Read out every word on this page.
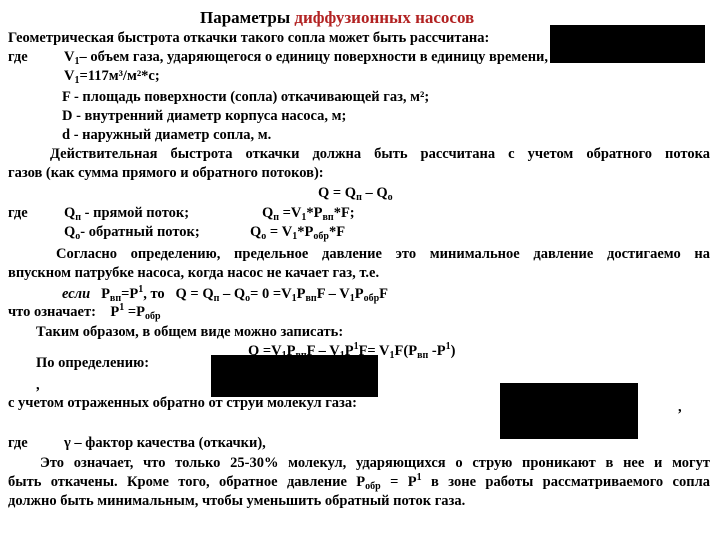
Параметры диффузионных насосов
Геометрическая быстрота откачки такого сопла может быть рассчитана:
где	$V_1-$ объем газа, ударяющегося о единицу поверхности в единицу времени,
$V_1=117м^3/м^2*c$;
F - площадь поверхности (сопла) откачивающей газ, м²;
D - внутренний диаметр корпуса насоса, м;
d - наружный диаметр сопла, м.
Действительная быстрота откачки должна быть рассчитана с учетом обратного потока
газов (как сумма прямого и обратного потоков):
$Q = Q_п - Q_о$
где	$Q_п$ - прямой поток;	$Q_п =V_1*P_{вп}*F$;
$Q_о-$ обратный поток;	$Q_о = V_1*P_{обр}*F$
Согласно определению, предельное давление это минимальное давление достигаемо на
впускном патрубке насоса, когда насос не качает газ, т.е.
если $P_{вп}=P^1$, то $Q = Q_п - Q_о= 0 =V_1P_{вп}F - V_1P_{обр}F$
что означает: $P^1 =P_{обр}$
Таким образом, в общем виде можно записать:
$Q =V_1P_{вп}F - V_1P^1F= V_1F(P_{вп}$ $-P^1$)
По определению:
,
с учетом отраженных обратно от струи молекул газа:	,
где	γ – фактор качества (откачки),
Это означает, что только 25-30% молекул, ударяющихся о струю проникают в нее и могут
быть откачены. Кроме того, обратное давление $P_{обр} = P^1$ в зоне работы рассматриваемого сопла
должно быть минимальным, чтобы уменьшить обратный поток газа.
